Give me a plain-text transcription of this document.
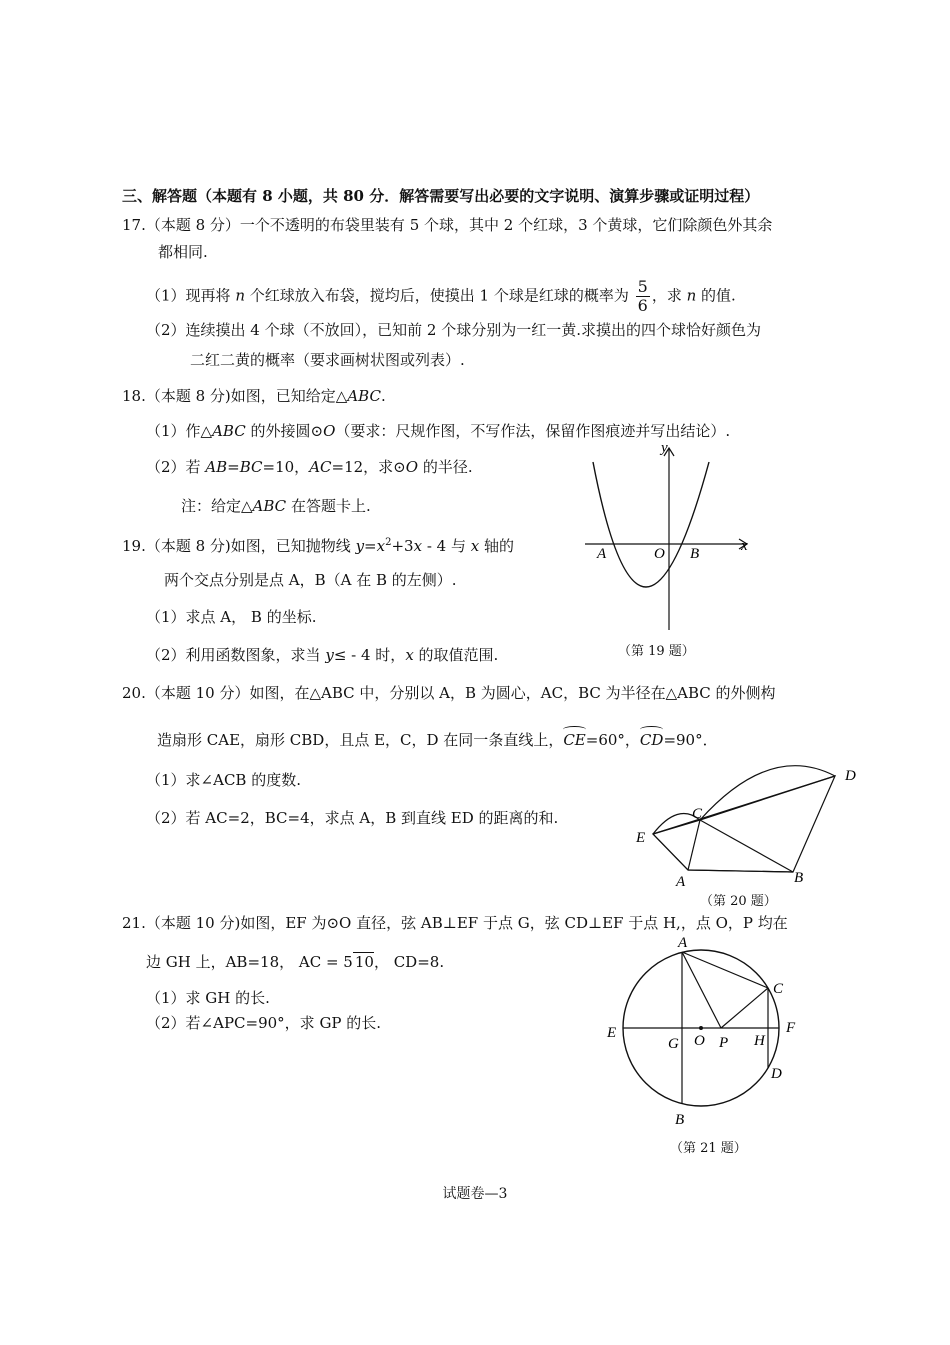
三、解答题（本题有 8 小题，共 80 分．解答需要写出必要的文字说明、演算步骤或证明过程）
17.（本题 8 分）一个不透明的布袋里装有 5 个球，其中 2 个红球，3 个黄球，它们除颜色外其余
都相同.
（1）现再将 n 个红球放入布袋，搅均后，使摸出 1 个球是红球的概率为 $\frac{5}{6}$ ，求 n 的值.
（2）连续摸出 4 个球（不放回），已知前 2 个球分别为一红一黄.求摸出的四个球恰好颜色为
二红二黄的概率（要求画树状图或列表）.
18.（本题 8 分)如图，已知给定△ABC.
（1）作△ABC 的外接圆⊙O（要求：尺规作图，不写作法，保留作图痕迹并写出结论）.
（2）若 AB=BC=10，AC=12，求⊙O 的半径.
注：给定△ABC 在答题卡上.
19.（本题 8 分)如图，已知抛物线 $y=x^2+3x - 4$ 与 x 轴的
两个交点分别是点 A，B（A 在 B 的左侧）.
（1）求点 A， B 的坐标.
（2）利用函数图象，求当 y≤ - 4 时，x 的取值范围.
y
x
A	O B
（第 19 题）
20.（本题 10 分）如图，在△ABC 中，分别以 A，B 为圆心，AC，BC 为半径在△ABC 的外侧构
造扇形 CAE，扇形 CBD，且点 E，C，D 在同一条直线上，CE=60°，CD=90°．
（1）求∠ACB 的度数.
（2）若 AC=2，BC=4，求点 A，B 到直线 ED 的距离的和.
D
C
E
A	B
（第 20 题）
21.（本题 10 分)如图，EF 为⊙O 直径，弦 AB⊥EF 于点 G，弦 CD⊥EF 于点 H,，点 O，P 均在
边 GH 上，AB=18， AC = 5 10， CD=8.
（1）求 GH 的长.
（2）若∠APC=90°，求 GP 的长.
A
C
E	F
G O P H
D
B
（第 21 题）
试题卷—3
